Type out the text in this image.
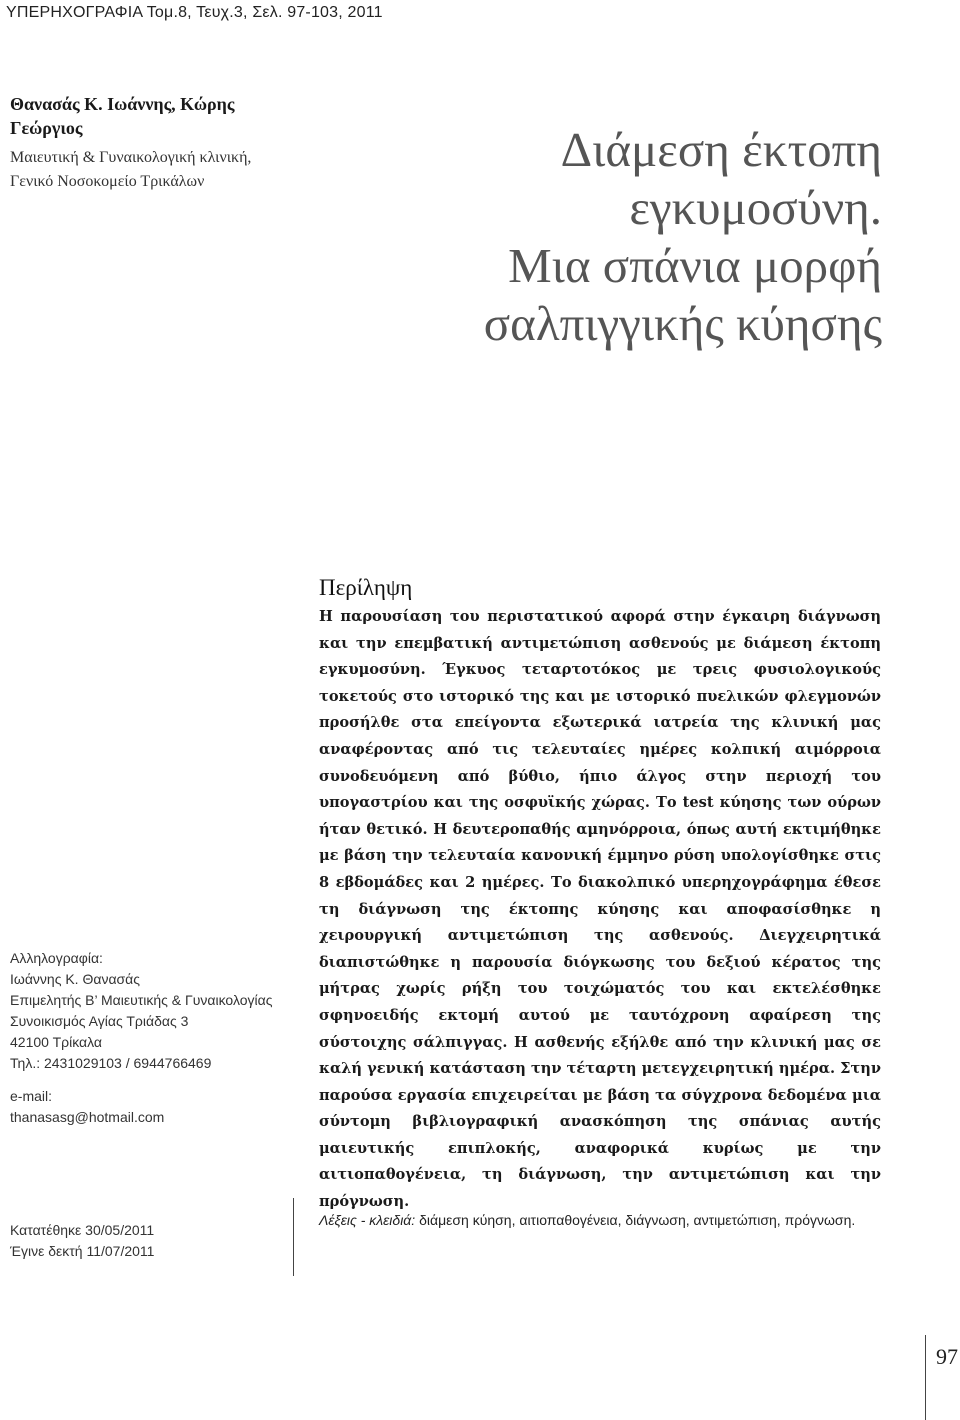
ΥΠΕΡΗΧΟΓΡΑΦΙΑ Τομ.8, Τευχ.3, Σελ. 97-103, 2011
Θανασάς Κ. Ιωάννης, Κώρης Γεώργιος
Μαιευτική & Γυναικολογική κλινική,
Γενικό Νοσοκομείο Τρικάλων
Διάμεση έκτοπη
εγκυμοσύνη.
Μια σπάνια μορφή
σαλπιγγικής κύησης
Αλληλογραφία:
Ιωάννης Κ. Θανασάς
Επιμελητής Β’ Μαιευτικής & Γυναικολογίας
Συνοικισμός Αγίας Τριάδας 3
42100 Τρίκαλα
Τηλ.: 2431029103 / 6944766469
e-mail:
thanasasg@hotmail.com
Κατατέθηκε 30/05/2011
Έγινε δεκτή 11/07/2011
Περίληψη

Η παρουσίαση του περιστατικού αφορά στην έγκαιρη διάγνωση και την επεμβατική αντιμετώπιση ασθενούς με διάμεση έκτοπη εγκυμοσύνη. Έγκυος τεταρτοτόκος με τρεις φυσιολογικούς τοκετούς στο ιστορικό της και με ιστορικό πυελικών φλεγμονών προσήλθε στα επείγοντα εξωτερικά ιατρεία της κλινική μας αναφέροντας από τις τελευταίες ημέρες κολπική αιμόρροια συνοδευόμενη από βύθιο, ήπιο άλγος στην περιοχή του υπογαστρίου και της οσφυϊκής χώρας. Το test κύησης των ούρων ήταν θετικό. Η δευτεροπαθής αμηνόρροια, όπως αυτή εκτιμήθηκε με βάση την τελευταία κανονική έμμηνο ρύση υπολογίσθηκε στις 8 εβδομάδες και 2 ημέρες. Το διακολπικό υπερηχογράφημα έθεσε τη διάγνωση της έκτοπης κύησης και αποφασίσθηκε η χειρουργική αντιμετώπιση της ασθενούς. Διεγχειρητικά διαπιστώθηκε η παρουσία διόγκωσης του δεξιού κέρατος της μήτρας χωρίς ρήξη του τοιχώματός του και εκτελέσθηκε σφηνοειδής εκτομή αυτού με ταυτόχρονη αφαίρεση της σύστοιχης σάλπιγγας. Η ασθενής εξήλθε από την κλινική μας σε καλή γενική κατάσταση την τέταρτη μετεγχειρητική ημέρα. Στην παρούσα εργασία επιχειρείται με βάση τα σύγχρονα δεδομένα μια σύντομη βιβλιογραφική ανασκόπηση της σπάνιας αυτής μαιευτικής επιπλοκής, αναφορικά κυρίως με την αιτιοπαθογένεια, τη διάγνωση, την αντιμετώπιση και την πρόγνωση.

Λέξεις - κλειδιά: διάμεση κύηση, αιτιοπαθογένεια, διάγνωση, αντιμετώπιση, πρόγνωση.
97
